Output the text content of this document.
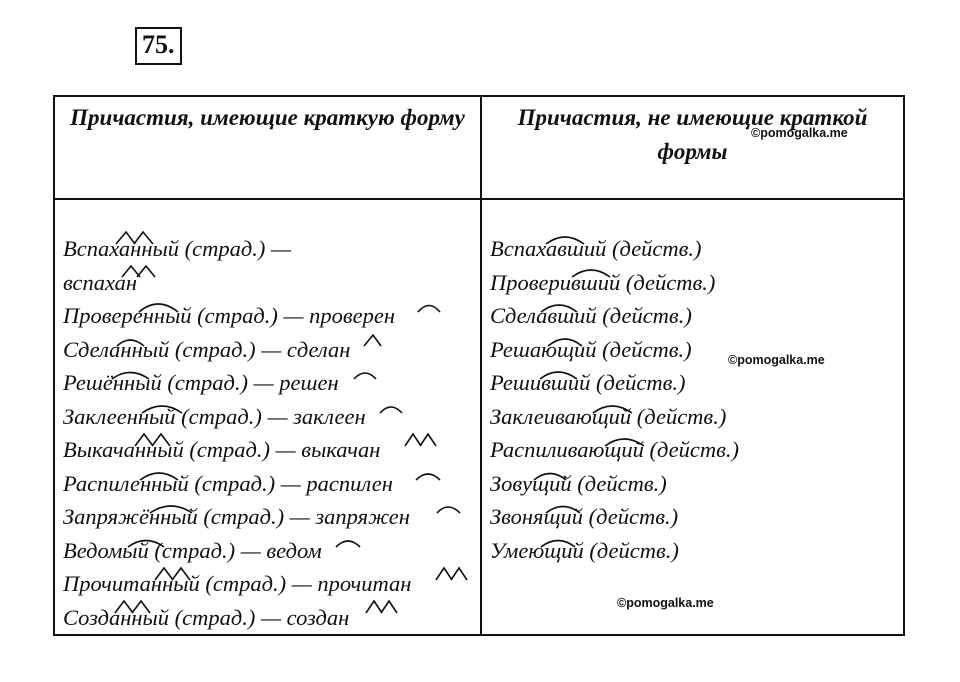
75.
Причастия, имеющие краткую форму	Причастия, не имеющие краткой формы
Вспаханный (страд.) —
вспахан
Проверенный (страд.) — проверен
Сделанный (страд.) — сделан
Решённый (страд.) — решен
Заклеенный (страд.) — заклеен
Выкачанный (страд.) — выкачан
Распиленный (страд.) — распилен
Запряжённый (страд.) — запряжен
Ведомый (страд.) — ведом
Прочитанный (страд.) — прочитан
Созданный (страд.) — создан
Вспахавший (действ.)
Проверивший (действ.)
Сделавший (действ.)
Решающий (действ.)
Решивший (действ.)
Заклеивающий (действ.)
Распиливающий (действ.)
Зовущий (действ.)
Звонящий (действ.)
Умеющий (действ.)
©pomogalka.me
©pomogalka.me
©pomogalka.me
